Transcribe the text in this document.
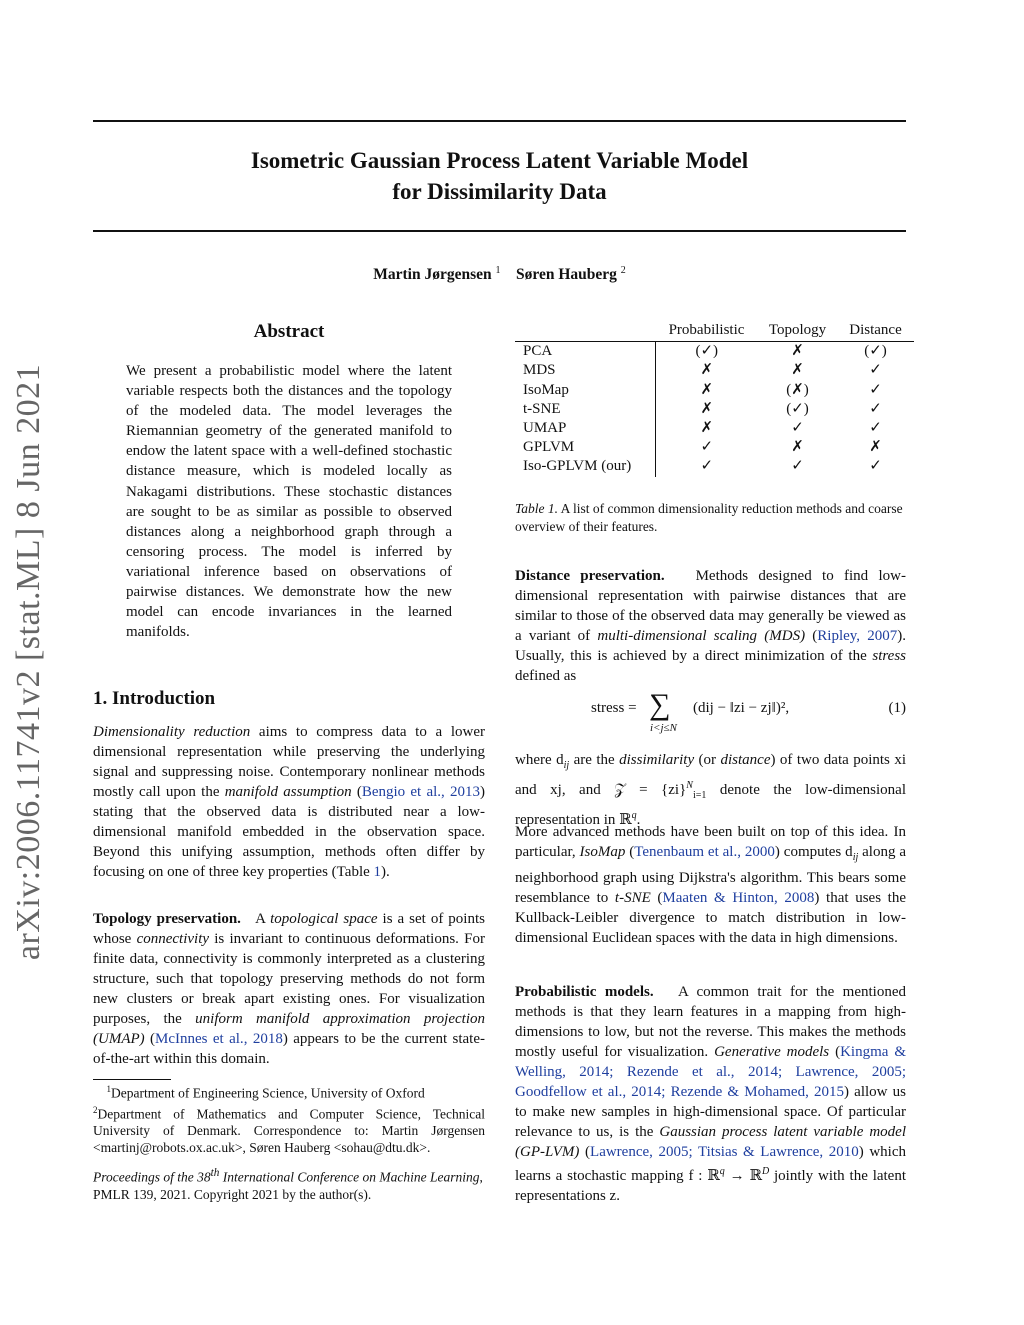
arXiv:2006.11741v2 [stat.ML] 8 Jun 2021
Isometric Gaussian Process Latent Variable Model
for Dissimilarity Data
Martin Jørgensen $^1$ Søren Hauberg $^2$
Abstract
We present a probabilistic model where the latent variable respects both the distances and the topology of the modeled data. The model leverages the Riemannian geometry of the generated manifold to endow the latent space with a well-defined stochastic distance measure, which is modeled locally as Nakagami distributions. These stochastic distances are sought to be as similar as possible to observed distances along a neighborhood graph through a censoring process. The model is inferred by variational inference based on observations of pairwise distances. We demonstrate how the new model can encode invariances in the learned manifolds.
1. Introduction
Dimensionality reduction aims to compress data to a lower dimensional representation while preserving the underlying signal and suppressing noise. Contemporary nonlinear methods mostly call upon the manifold assumption (Bengio et al., 2013) stating that the observed data is distributed near a low-dimensional manifold embedded in the observation space. Beyond this unifying assumption, methods often differ by focusing on one of three key properties (Table 1).
Topology preservation. A topological space is a set of points whose connectivity is invariant to continuous deformations. For finite data, connectivity is commonly interpreted as a clustering structure, such that topology preserving methods do not form new clusters or break apart existing ones. For visualization purposes, the uniform manifold approximation projection (UMAP) (McInnes et al., 2018) appears to be the current state-of-the-art within this domain.
$^1$Department of Engineering Science, University of Oxford
$^2$Department of Mathematics and Computer Science, Technical University of Denmark. Correspondence to: Martin Jørgensen <martinj@robots.ox.ac.uk>, Søren Hauberg <sohau@dtu.dk>.
Proceedings of the 38th International Conference on Machine Learning, PMLR 139, 2021. Copyright 2021 by the author(s).
	Probabilistic	Topology	Distance
PCA	(✓)	✗	(✓)
MDS	✗	✗	✓
IsoMap	✗	(✗)	✓
t-SNE	✗	(✓)	✓
UMAP	✗	✓	✓
GPLVM	✓	✗	✗
Iso-GPLVM (our)	✓	✓	✓
Table 1. A list of common dimensionality reduction methods and coarse overview of their features.
Distance preservation. Methods designed to find low-dimensional representation with pairwise distances that are similar to those of the observed data may generally be viewed as a variant of multi-dimensional scaling (MDS) (Ripley, 2007). Usually, this is achieved by a direct minimization of the stress defined as
stress = ∑
i<j≤N
(dij − ‖zi − zj‖)²,	(1)
where $d_{ij}$ are the dissimilarity (or distance) of two data points xi and xj, and 𝒵 = {zi}$^N_{i=1}$ denote the low-dimensional representation in ℝ$^q$.
More advanced methods have been built on top of this idea. In particular, IsoMap (Tenenbaum et al., 2000) computes $d_{ij}$ along a neighborhood graph using Dijkstra's algorithm. This bears some resemblance to t-SNE (Maaten & Hinton, 2008) that uses the Kullback-Leibler divergence to match distribution in low-dimensional Euclidean spaces with the data in high dimensions.
Probabilistic models. A common trait for the mentioned methods is that they learn features in a mapping from high-dimensions to low, but not the reverse. This makes the methods mostly useful for visualization. Generative models (Kingma & Welling, 2014; Rezende et al., 2014; Lawrence, 2005; Goodfellow et al., 2014; Rezende & Mohamed, 2015) allow us to make new samples in high-dimensional space. Of particular relevance to us, is the Gaussian process latent variable model (GP-LVM) (Lawrence, 2005; Titsias & Lawrence, 2010) which learns a stochastic mapping f : ℝ$^q$ → ℝ$^D$ jointly with the latent representations z.
